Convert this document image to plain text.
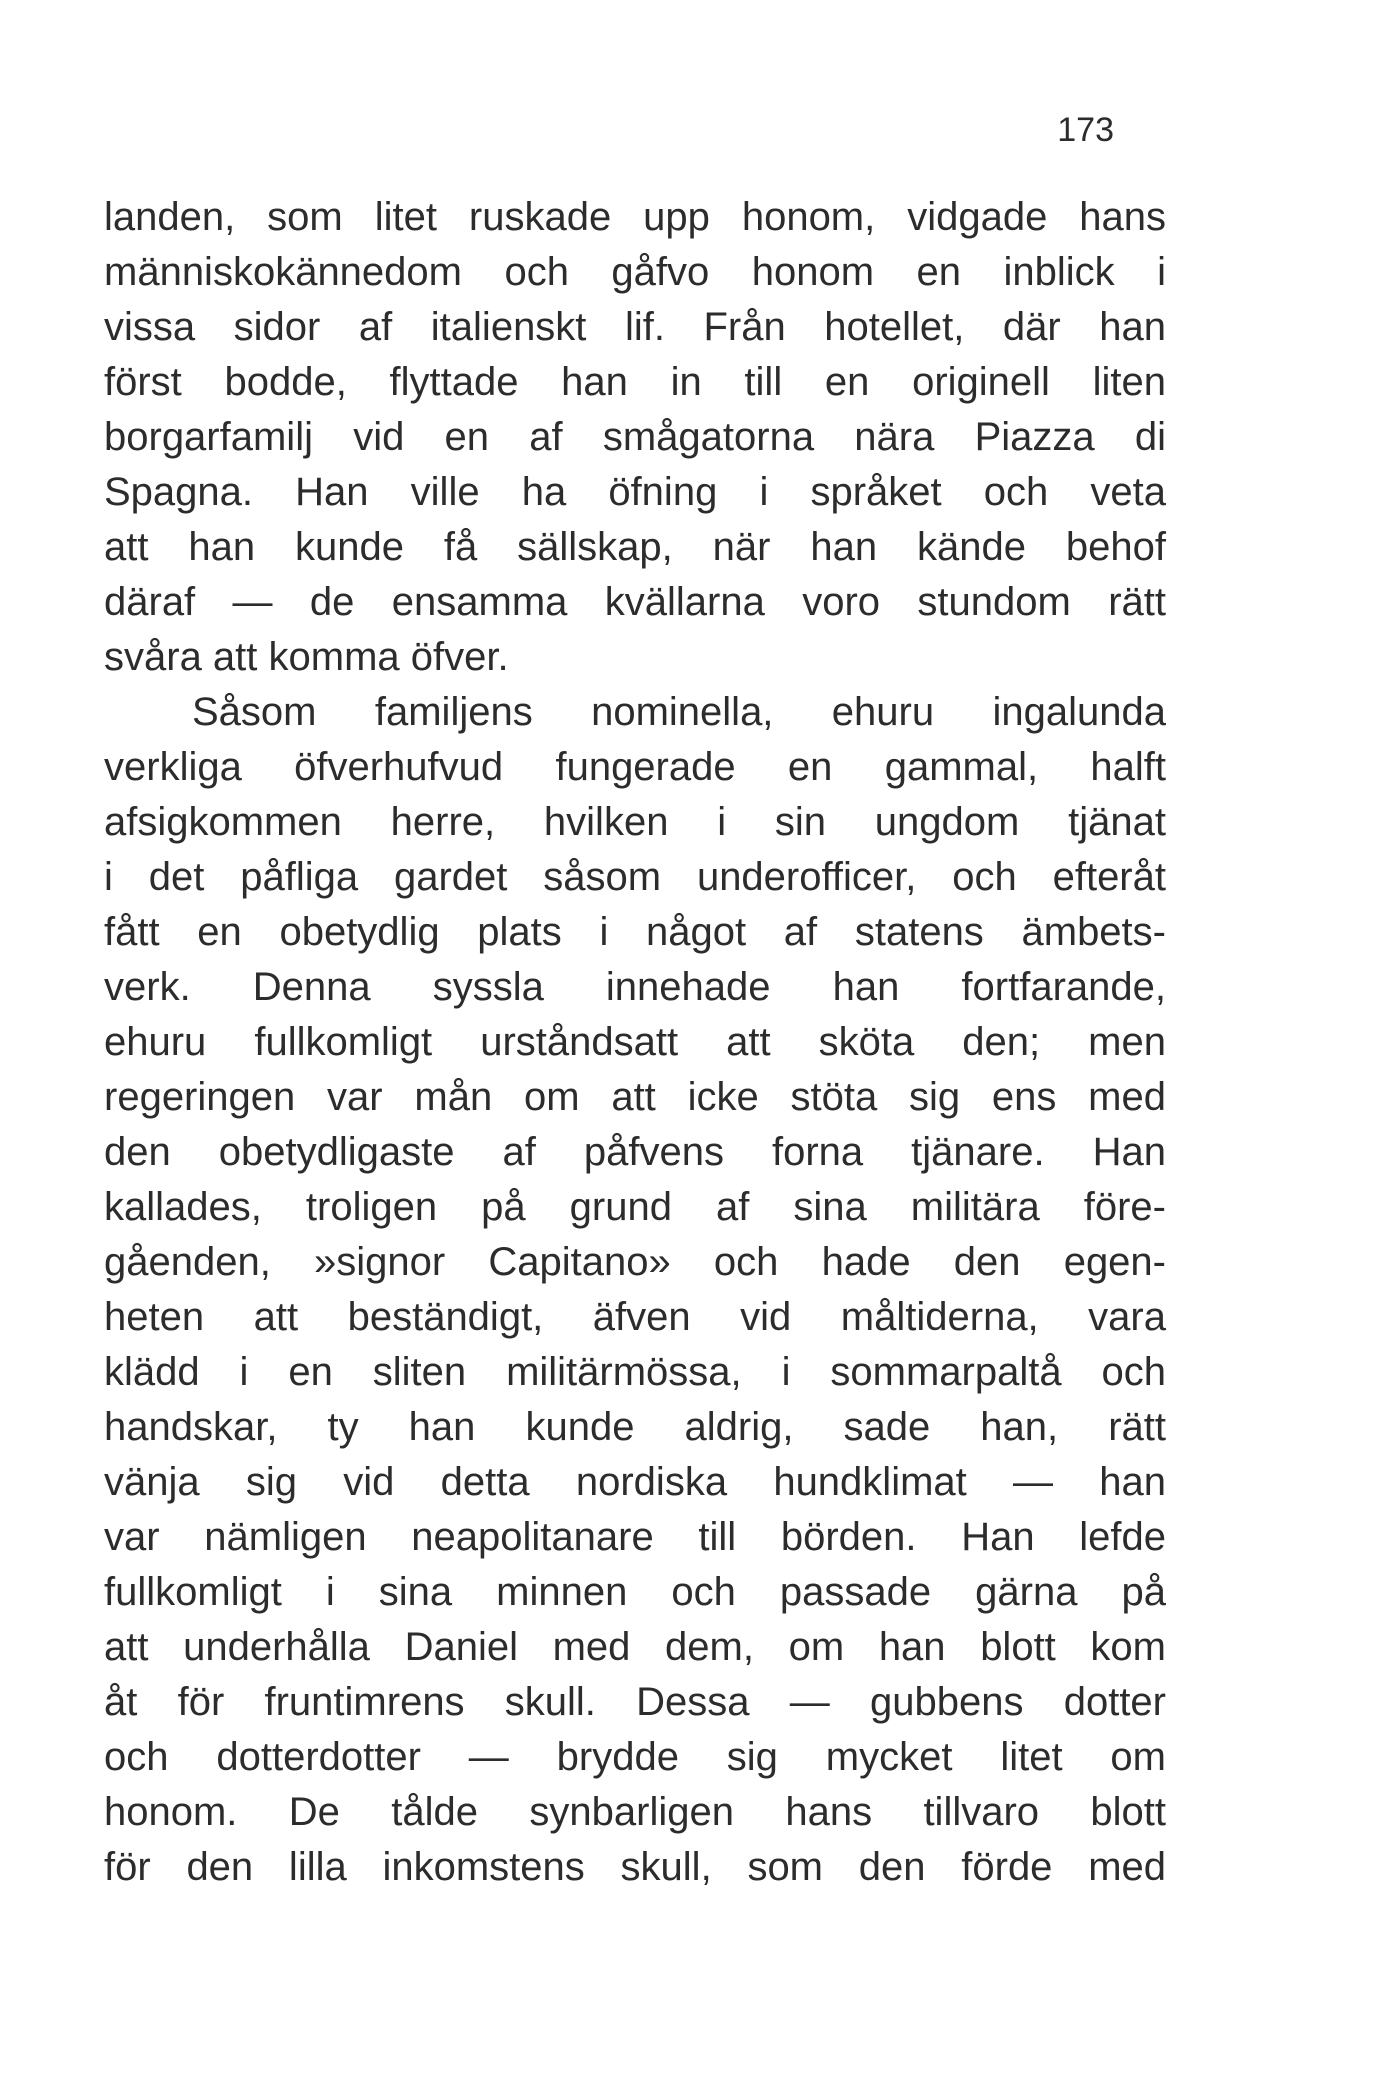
173
landen, som litet ruskade upp honom, vidgade hans
människokännedom och gåfvo honom en inblick i
vissa sidor af italienskt lif. Från hotellet, där han
först bodde, flyttade han in till en originell liten
borgarfamilj vid en af smågatorna nära Piazza di
Spagna. Han ville ha öfning i språket och veta
att han kunde få sällskap, när han kände behof
däraf — de ensamma kvällarna voro stundom rätt
svåra att komma öfver.
Såsom familjens nominella, ehuru ingalunda
verkliga öfverhufvud fungerade en gammal, halft
afsigkommen herre, hvilken i sin ungdom tjänat
i det påfliga gardet såsom underofficer, och efteråt
fått en obetydlig plats i något af statens ämbets-
verk. Denna syssla innehade han fortfarande,
ehuru fullkomligt urståndsatt att sköta den; men
regeringen var mån om att icke stöta sig ens med
den obetydligaste af påfvens forna tjänare. Han
kallades, troligen på grund af sina militära före-
gåenden, »signor Capitano» och hade den egen-
heten att beständigt, äfven vid måltiderna, vara
klädd i en sliten militärmössa, i sommarpaltå och
handskar, ty han kunde aldrig, sade han, rätt
vänja sig vid detta nordiska hundklimat — han
var nämligen neapolitanare till börden. Han lefde
fullkomligt i sina minnen och passade gärna på
att underhålla Daniel med dem, om han blott kom
åt för fruntimrens skull. Dessa — gubbens dotter
och dotterdotter — brydde sig mycket litet om
honom. De tålde synbarligen hans tillvaro blott
för den lilla inkomstens skull, som den förde med
